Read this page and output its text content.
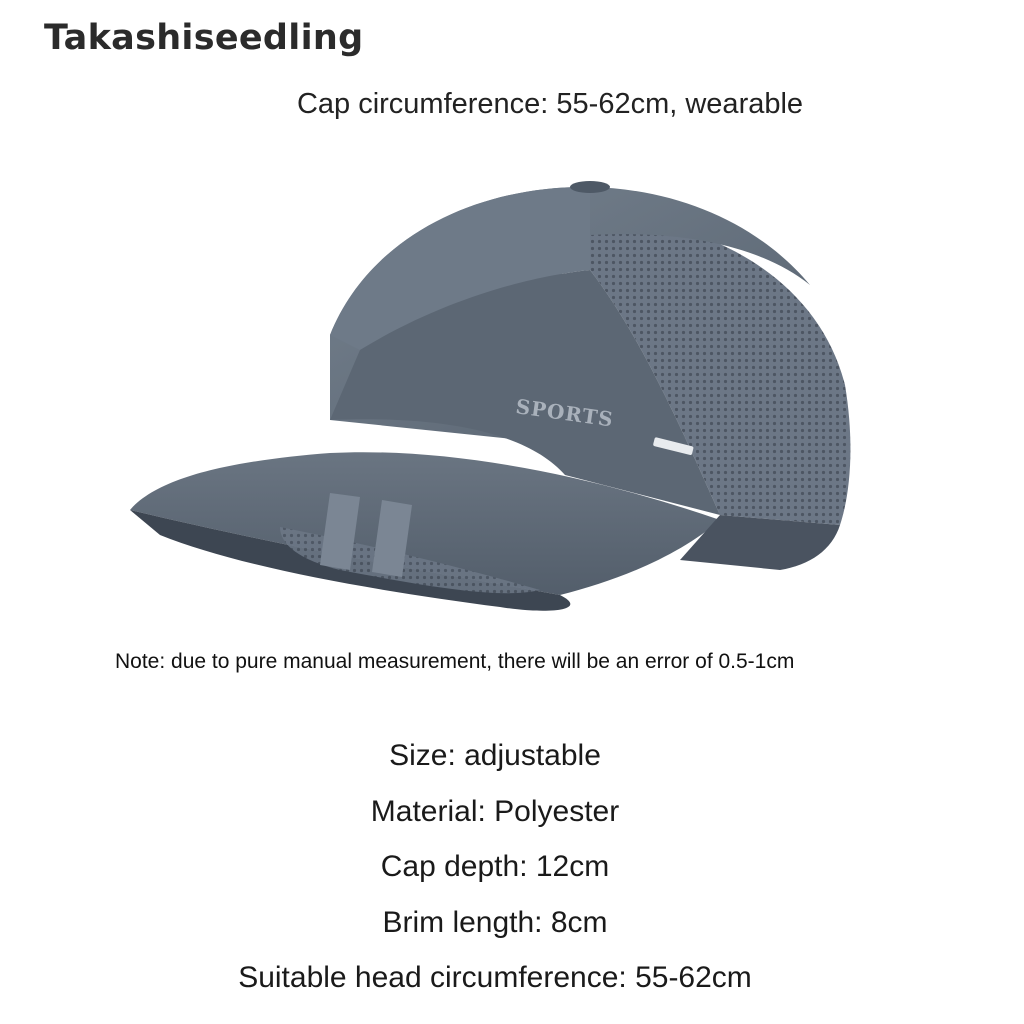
Takashiseedling
Cap circumference: 55-62cm, wearable
SPORTS
Note: due to pure manual measurement, there will be an error of 0.5-1cm
Size: adjustable
Material: Polyester
Cap depth: 12cm
Brim length: 8cm
Suitable head circumference: 55-62cm
